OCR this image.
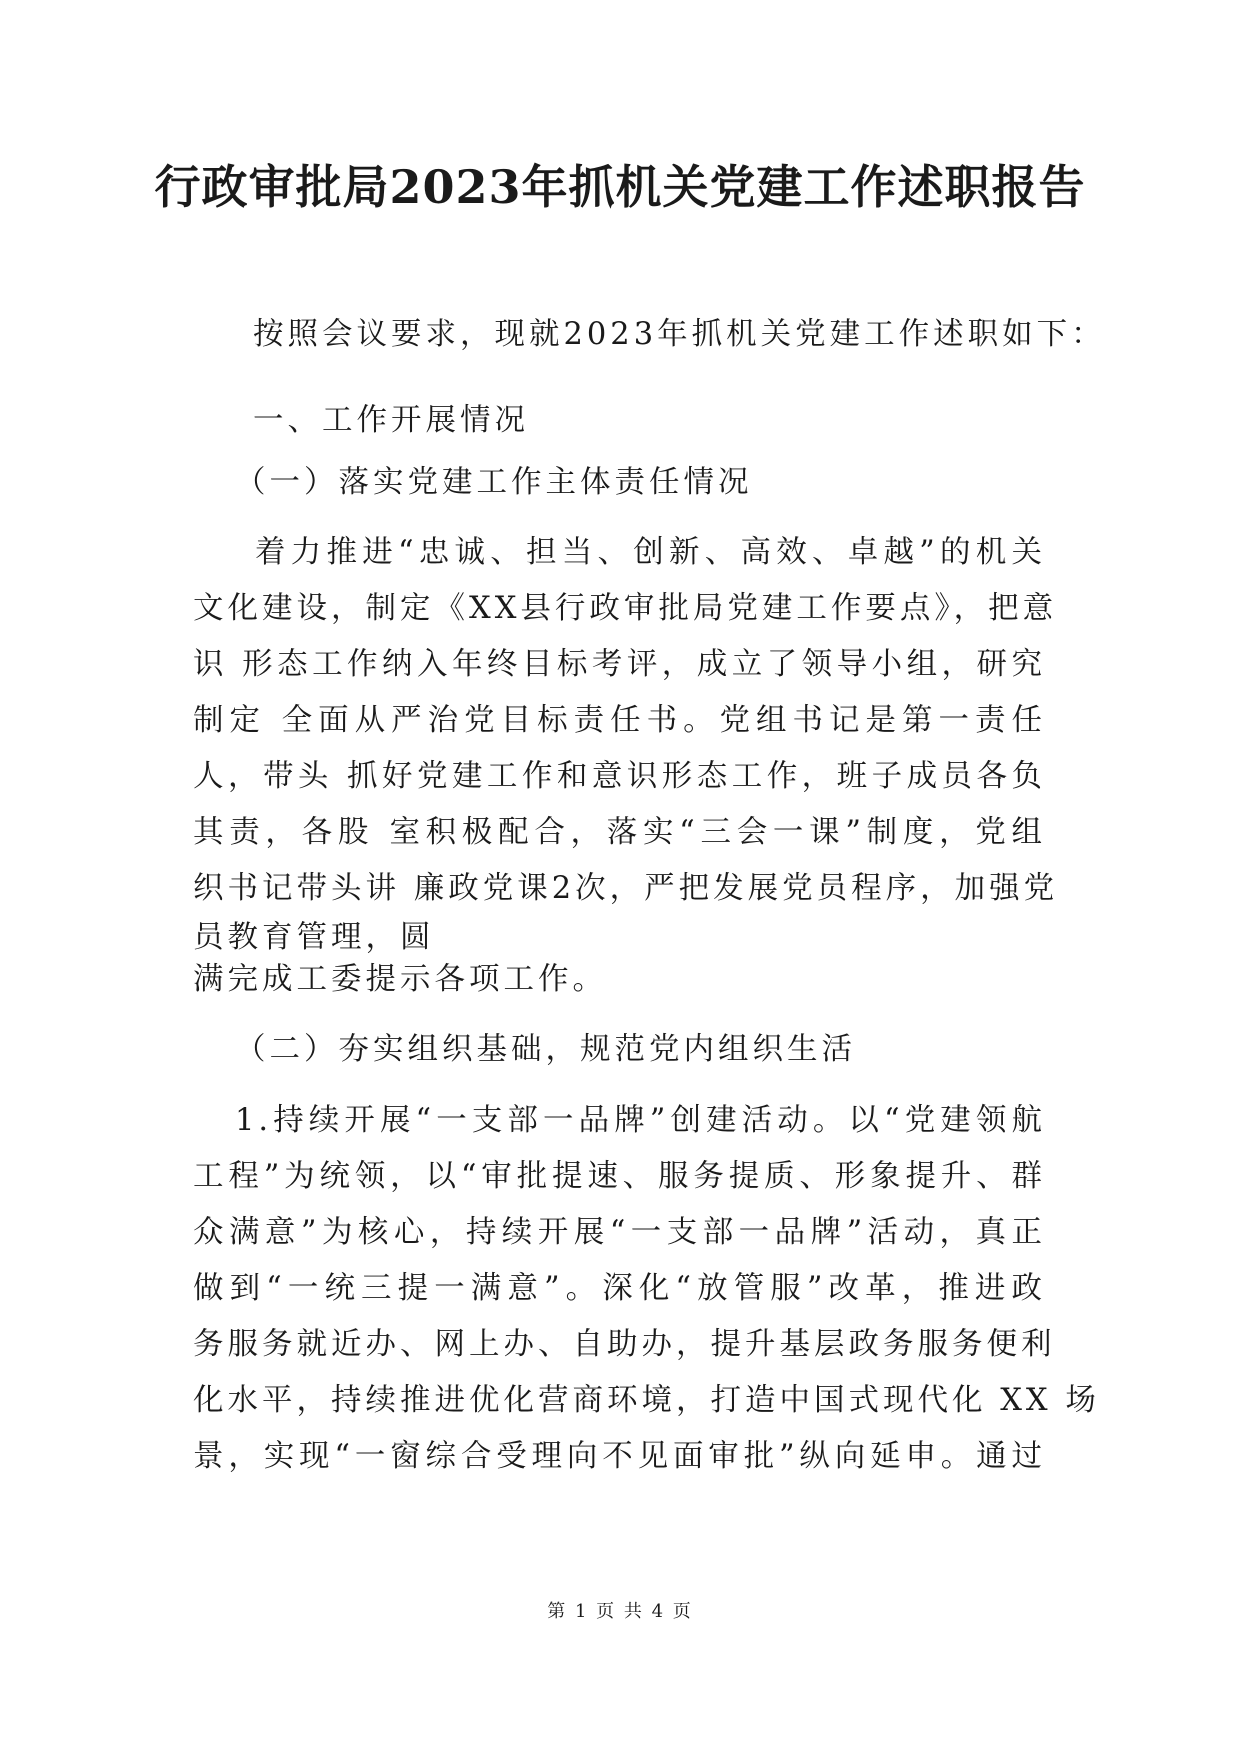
行政审批局2023年抓机关党建工作述职报告

按照会议要求，现就2023年抓机关党建工作述职如下：

一、工作开展情况

（一）落实党建工作主体责任情况

着力推进“忠诚、担当、创新、高效、卓越”的机关
文化建设，制定《XX县行政审批局党建工作要点》，把意
识 形态工作纳入年终目标考评，成立了领导小组，研究
制定 全面从严治党目标责任书。党组书记是第一责任
人，带头 抓好党建工作和意识形态工作，班子成员各负
其责，各股 室积极配合，落实“三会一课”制度，党组
织书记带头讲 廉政党课2次，严把发展党员程序，加强党
员教育管理，圆
满完成工委提示各项工作。

（二）夯实组织基础，规范党内组织生活

1.持续开展“一支部一品牌”创建活动。以“党建领航
工程”为统领，以“审批提速、服务提质、形象提升、群
众满意”为核心，持续开展“一支部一品牌”活动，真正
做到“一统三提一满意”。深化“放管服”改革，推进政
务服务就近办、网上办、自助办，提升基层政务服务便利
化水平，持续推进优化营商环境，打造中国式现代化 XX 场
景，实现“一窗综合受理向不见面审批”纵向延申。通过
第 1 页 共 4 页
